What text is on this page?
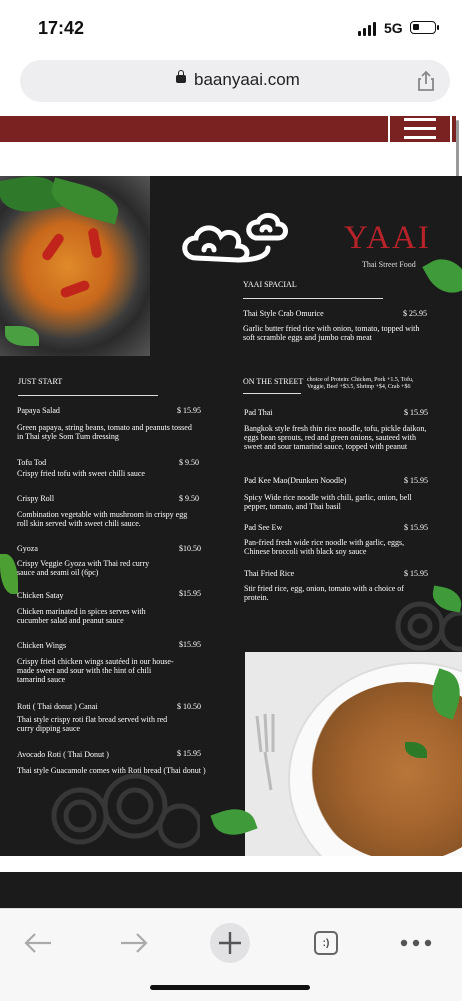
17:42	5G
baanyaai.com
YAAI
Thai Street Food
YAAI SPACIAL
Thai Style Crab Omurice	$ 25.95
Garlic butter fried rice with onion, tomato, topped with soft scramble eggs and jumbo crab meat
JUST START
Papaya Salad	$ 15.95
Green papaya, string beans, tomato and peanuts tossed in Thai style Som Tum dressing
Tofu Tod	$ 9.50
Crispy fried tofu with sweet chilli sauce
Crispy Roll	$ 9.50
Combination vegetable with mushroom in crispy egg roll skin served with sweet chili sauce.
Gyoza	$10.50
Crispy Veggie Gyoza with Thai red curry sauce and seami oil (6pc)
Chicken Satay	$15.95
Chicken marinated in spices serves with cucumber salad and peanut sauce
Chicken Wings	$15.95
Crispy fried chicken wings sautéed in our house-made sweet and sour with the hint of chili tamarind sauce
Roti ( Thai donut ) Canai	$ 10.50
Thai style crispy roti flat bread served with red curry dipping sauce
Avocado Roti ( Thai Donut )	$ 15.95
Thai style Guacamole comes with Roti bread (Thai donut )
ON THE STREET choice of Protein: Chicken, Pork +1.5, Tofu, Veggie, Beef +$3.5, Shrimp +$4, Crab +$6
Pad Thai	$ 15.95
Bangkok style fresh thin rice noodle, tofu, pickle daikon, eggs bean sprouts, red and green onions, sauteed with sweet and sour tamarind sauce, topped with peanut
Pad Kee Mao(Drunken Noodle)	$ 15.95
Spicy Wide rice noodle with chili, garlic, onion, bell pepper, tomato, and Thai basil
Pad See Ew	$ 15.95
Pan-fried fresh wide rice noodle with garlic, eggs, Chinese broccoli with black soy sauce
Thai Fried Rice	$ 15.95
Stir fried rice, egg, onion, tomato with a choice of protein.
:)
